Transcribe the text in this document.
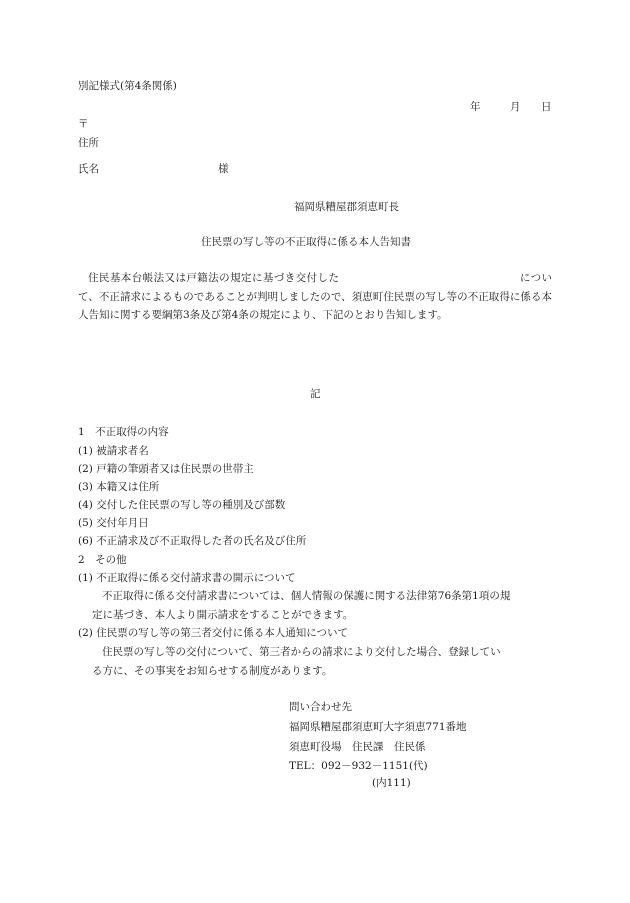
別記様式(第4条関係)

年	月 日

〒

住所

氏名	様

福岡県糟屋郡須恵町長

住民票の写し等の不正取得に係る本人告知書

住民基本台帳法又は戸籍法の規定に基づき交付した	について、不正請求によるものであることが判明しましたので、須恵町住民票の写し等の不正取得に係る本人告知に関する要綱第3条及び第4条の規定により、下記のとおり告知します。

記

1　不正取得の内容

(1) 被請求者名

(2) 戸籍の筆頭者又は住民票の世帯主

(3) 本籍又は住所

(4) 交付した住民票の写し等の種別及び部数

(5) 交付年月日

(6) 不正請求及び不正取得した者の氏名及び住所

2　その他

(1) 不正取得に係る交付請求書の開示について

不正取得に係る交付請求書については、個人情報の保護に関する法律第76条第1項の規

定に基づき、本人より開示請求をすることができます。

(2) 住民票の写し等の第三者交付に係る本人通知について

住民票の写し等の交付について、第三者からの請求により交付した場合、登録してい

る方に、その事実をお知らせする制度があります。

問い合わせ先

福岡県糟屋郡須恵町大字須恵771番地

須恵町役場　住民課　住民係

TEL：092－932－1151(代)

(内111)
